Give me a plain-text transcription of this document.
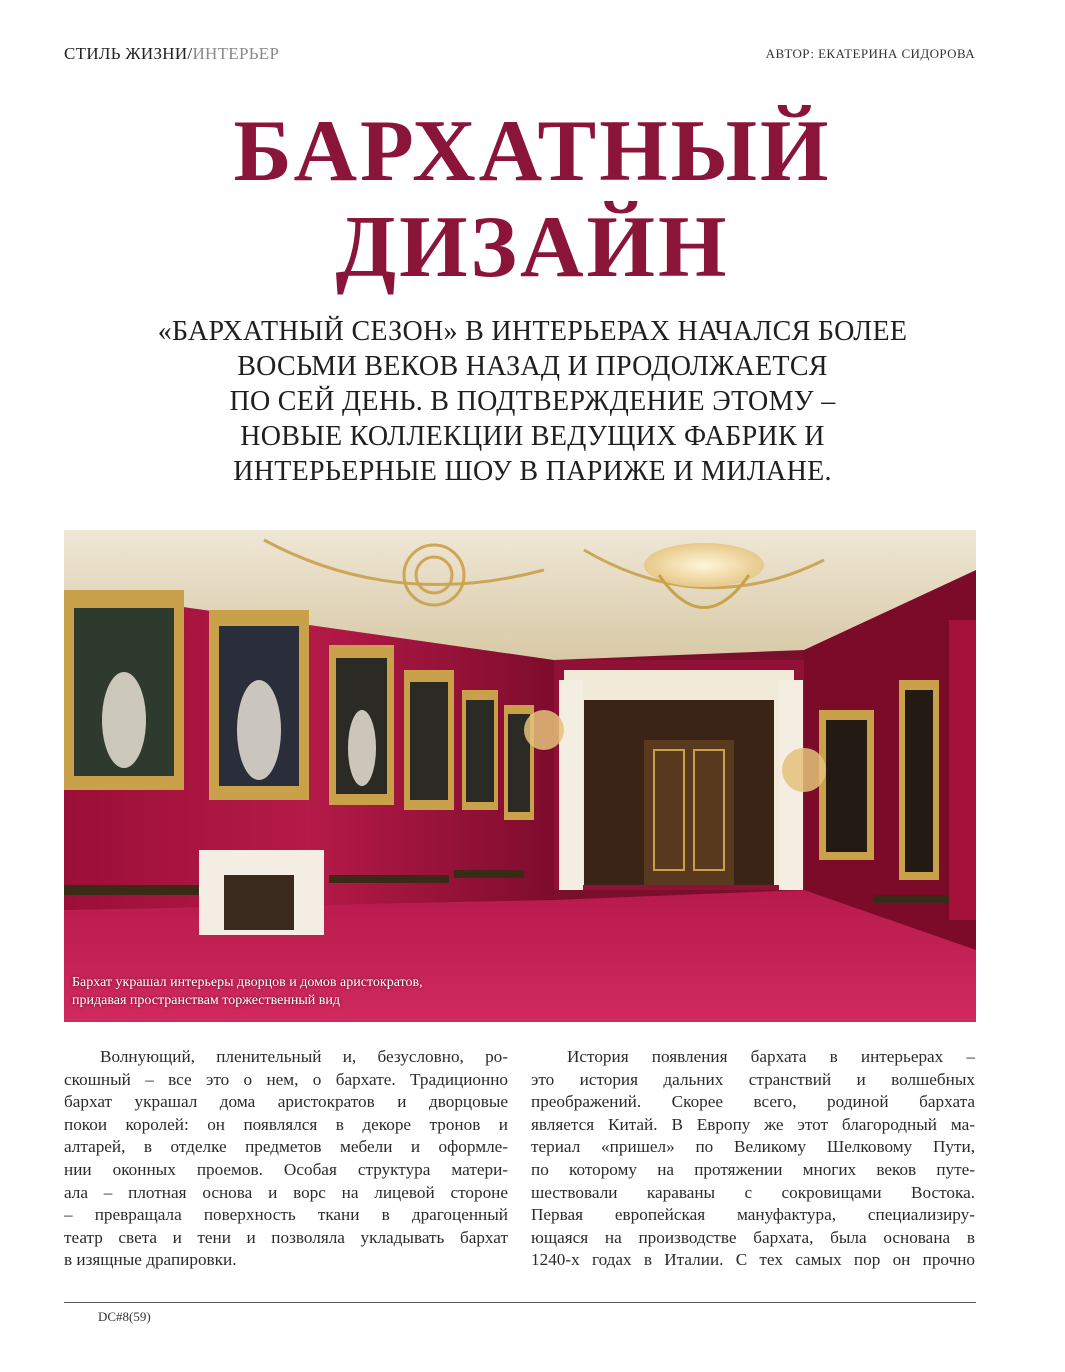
СТИЛЬ ЖИЗНИ/ИНТЕРЬЕР	АВТОР: ЕКАТЕРИНА СИДОРОВА
БАРХАТНЫЙ
ДИЗАЙН
«БАРХАТНЫЙ СЕЗОН» В ИНТЕРЬЕРАХ НАЧАЛСЯ БОЛЕЕ
ВОСЬМИ ВЕКОВ НАЗАД И ПРОДОЛЖАЕТСЯ
ПО СЕЙ ДЕНЬ. В ПОДТВЕРЖДЕНИЕ ЭТОМУ –
НОВЫЕ КОЛЛЕКЦИИ ВЕДУЩИХ ФАБРИК И
ИНТЕРЬЕРНЫЕ ШОУ В ПАРИЖЕ И МИЛАНЕ.
Бархат украшал интерьеры дворцов и домов аристократов,
придавая пространствам торжественный вид
Волнующий, пленительный и, безусловно, ро-
скошный – все это о нем, о бархате. Традиционно
бархат украшал дома аристократов и дворцовые
покои королей: он появлялся в декоре тронов и
алтарей, в отделке предметов мебели и оформле-
нии оконных проемов. Особая структура матери-
ала – плотная основа и ворс на лицевой стороне
– превращала поверхность ткани в драгоценный
театр света и тени и позволяла укладывать бархат
в изящные драпировки.
История появления бархата в интерьерах –
это история дальних странствий и волшебных
преображений. Скорее всего, родиной бархата
является Китай. В Европу же этот благородный ма-
териал «пришел» по Великому Шелковому Пути,
по которому на протяжении многих веков путе-
шествовали караваны с сокровищами Востока.
Первая европейская мануфактура, специализиру-
ющаяся на производстве бархата, была основана в
1240-х годах в Италии. С тех самых пор он прочно
DC#8(59)
